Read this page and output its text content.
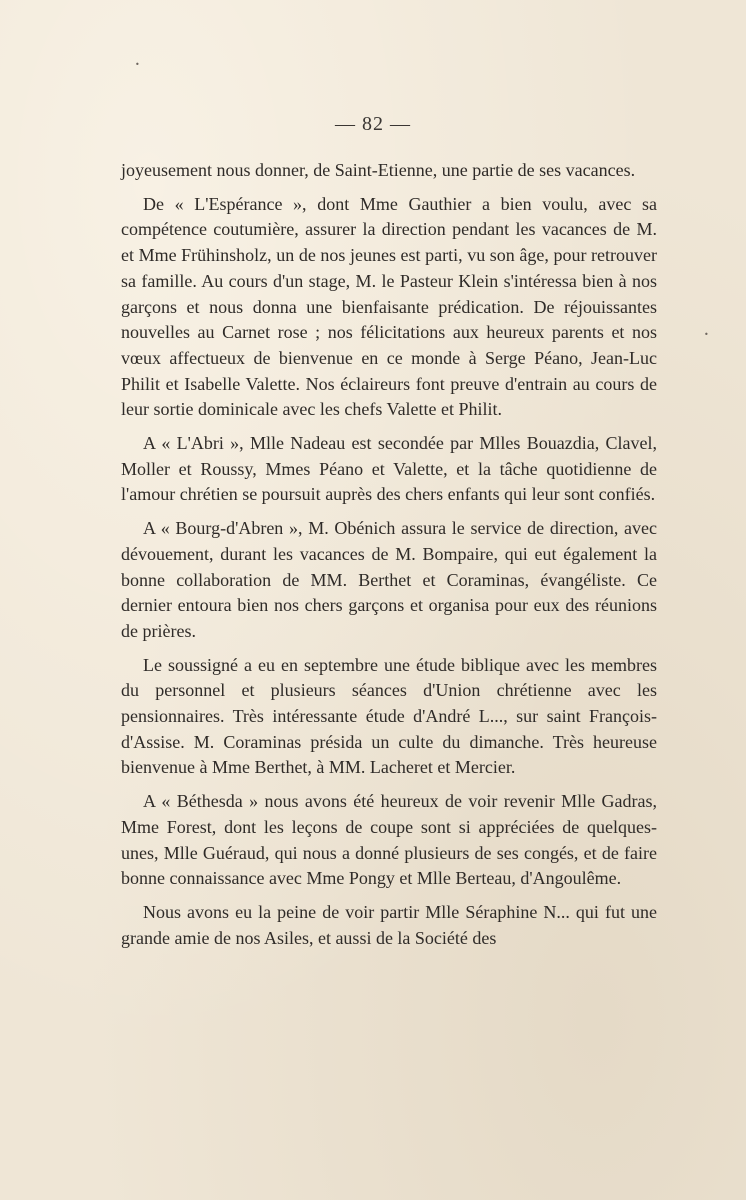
— 82 —

joyeusement nous donner, de Saint-Etienne, une partie de ses vacances.

De « L'Espérance », dont Mme Gauthier a bien voulu, avec sa compétence coutumière, assurer la direction pendant les vacances de M. et Mme Frühinsholz, un de nos jeunes est parti, vu son âge, pour retrouver sa famille. Au cours d'un stage, M. le Pasteur Klein s'intéressa bien à nos garçons et nous donna une bienfaisante prédication. De réjouissantes nouvelles au Carnet rose ; nos félicitations aux heureux parents et nos vœux affectueux de bienvenue en ce monde à Serge Péano, Jean-Luc Philit et Isabelle Valette. Nos éclaireurs font preuve d'entrain au cours de leur sortie dominicale avec les chefs Valette et Philit.

A « L'Abri », Mlle Nadeau est secondée par Mlles Bouazdia, Clavel, Moller et Roussy, Mmes Péano et Valette, et la tâche quotidienne de l'amour chrétien se poursuit auprès des chers enfants qui leur sont confiés.

A « Bourg-d'Abren », M. Obénich assura le service de direction, avec dévouement, durant les vacances de M. Bompaire, qui eut également la bonne collaboration de MM. Berthet et Coraminas, évangéliste. Ce dernier entoura bien nos chers garçons et organisa pour eux des réunions de prières.

Le soussigné a eu en septembre une étude biblique avec les membres du personnel et plusieurs séances d'Union chrétienne avec les pensionnaires. Très intéressante étude d'André L..., sur saint François-d'Assise. M. Coraminas présida un culte du dimanche. Très heureuse bienvenue à Mme Berthet, à MM. Lacheret et Mercier.

A « Béthesda » nous avons été heureux de voir revenir Mlle Gadras, Mme Forest, dont les leçons de coupe sont si appréciées de quelques-unes, Mlle Guéraud, qui nous a donné plusieurs de ses congés, et de faire bonne connaissance avec Mme Pongy et Mlle Berteau, d'Angoulême.

Nous avons eu la peine de voir partir Mlle Séraphine N... qui fut une grande amie de nos Asiles, et aussi de la Société des

•
•
